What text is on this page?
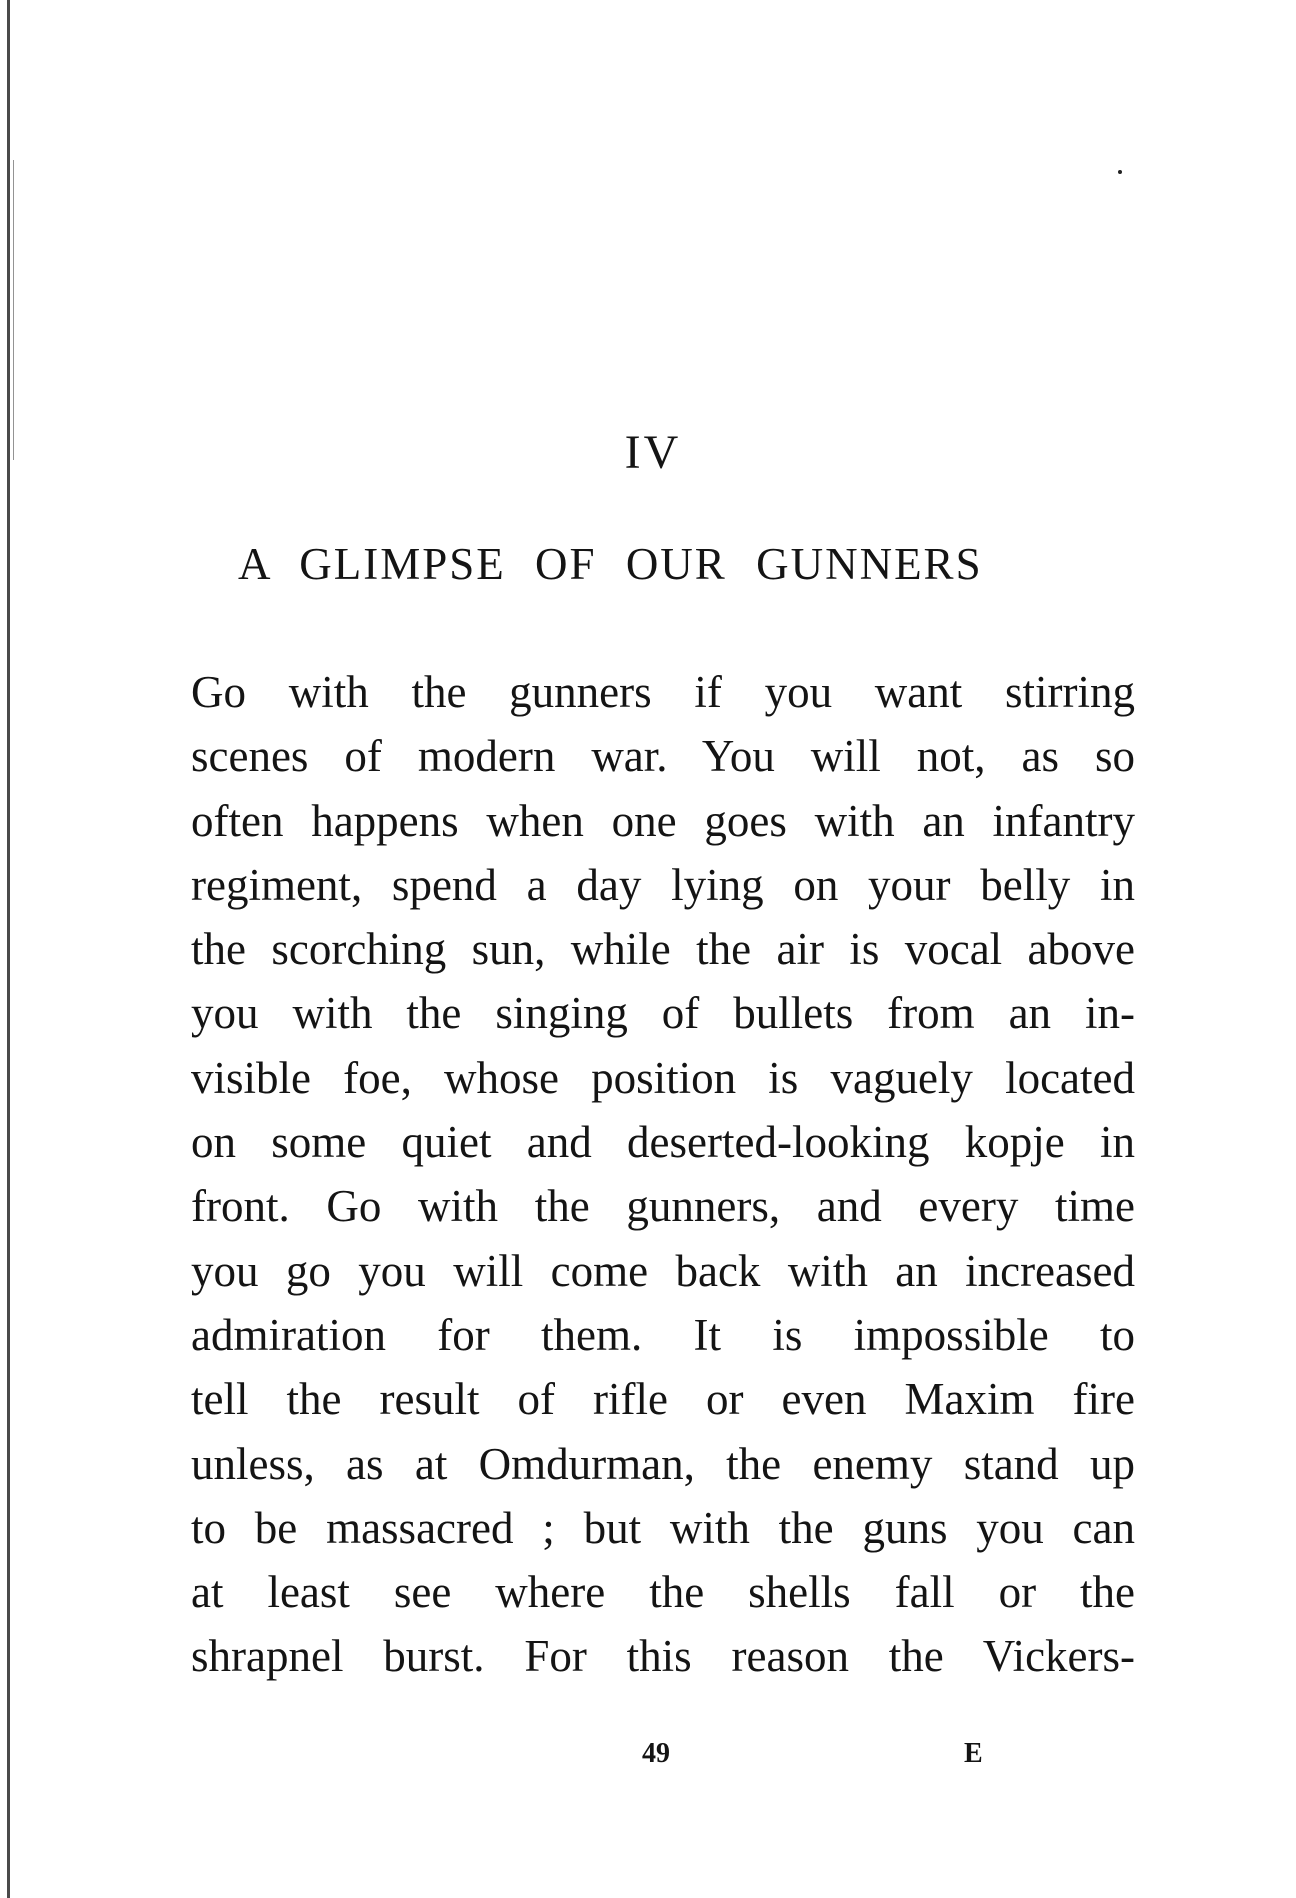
IV
A GLIMPSE OF OUR GUNNERS
Go with the gunners if you want stirring
scenes of modern war. You will not, as so
often happens when one goes with an infantry
regiment, spend a day lying on your belly in
the scorching sun, while the air is vocal above
you with the singing of bullets from an in-
visible foe, whose position is vaguely located
on some quiet and deserted-looking kopje in
front. Go with the gunners, and every time
you go you will come back with an increased
admiration for them. It is impossible to
tell the result of rifle or even Maxim fire
unless, as at Omdurman, the enemy stand up
to be massacred ; but with the guns you can
at least see where the shells fall or the
shrapnel burst. For this reason the Vickers-
49	E
